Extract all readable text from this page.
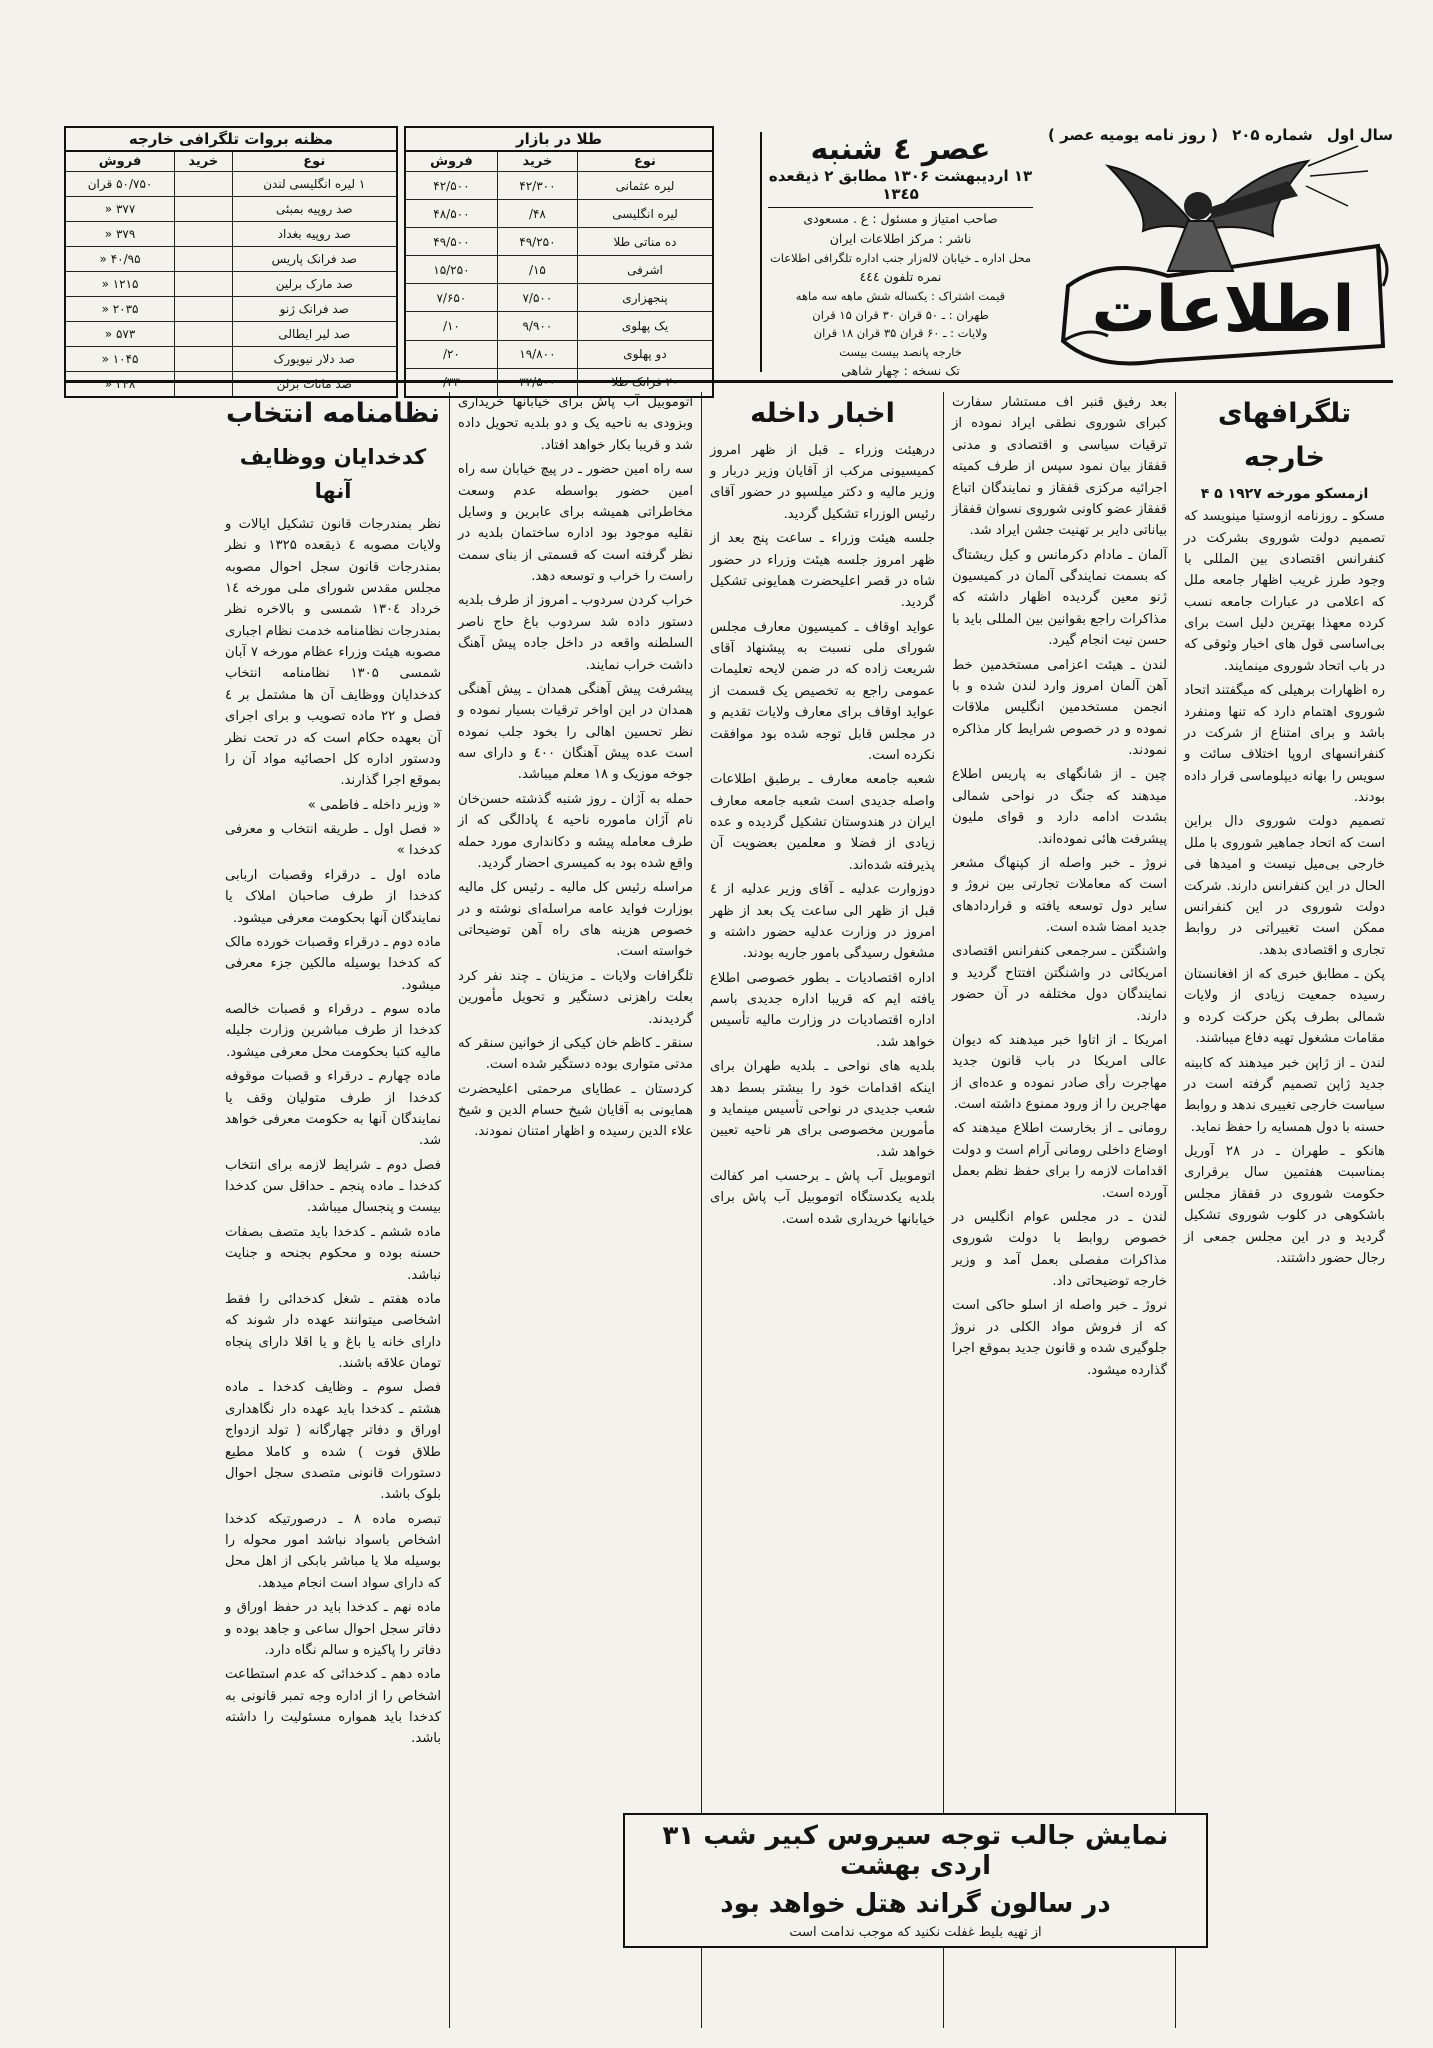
سال اول
شماره ۲۰۵
( روز نامه یومیه عصر )
اطلاعات
عصر ٤ شنبه
۱۳ اردیبهشت ۱۳۰۶ مطابق ۲ ذیقعده ۱۳٤۵

صاحب امتیاز و مسئول : ع . مسعودی

ناشر : مرکز اطلاعات ایران

محل اداره ـ خیابان لاله‌زار جنب اداره تلگرافی اطلاعات

نمره تلفون ٤٤٤

قیمت اشتراک : یکساله شش ماهه سه ماهه

طهران : ـ ۵۰ قران ۳۰ قران ۱۵ قران

ولایات : ـ ۶۰ قران ۳۵ قران ۱۸ قران

خارجه پانصد بیست بیست

تک نسخه : چهار شاهی

طلا در بازار
نوع	خرید	فروش
لیره عثمانی	۴۲/۳۰۰	۴۲/۵۰۰
لیره انگلیسی	۴۸/	۴۸/۵۰۰
ده مناتی طلا	۴۹/۲۵۰	۴۹/۵۰۰
اشرفی	۱۵/	۱۵/۲۵۰
پنجهزاری	۷/۵۰۰	۷/۶۵۰
یک پهلوی	۹/۹۰۰	۱۰/
دو پهلوی	۱۹/۸۰۰	۲۰/
۲۰ فرانک طلا	۳۲/۵۰۰	۳۳/
مظنه بروات تلگرافی خارجه
نوع	خرید	فروش
۱ لیره انگلیسی لندن		۵۰/۷۵۰ قران
صد روپیه بمبئی		۳۷۷ «
صد روپیه بغداد		۳۷۹ «
صد فرانک پاریس		۴۰/۹۵ «
صد مارک برلین		۱۲۱۵ «
صد فرانک ژنو		۲۰۳۵ «
صد لیر ایطالی		۵۷۳ «
صد دلار نیویورک		۱۰۴۵ «
صد مانات برلن		۲۴۸ «
تلگرافهای خارجه
ازمسکو مورخه ۱۹۲۷ ۵ ۴

مسکو ـ روزنامه ازوستیا مینویسد که تصمیم دولت شوروی بشرکت در کنفرانس اقتصادی بین المللی با وجود طرز غریب اظهار جامعه ملل که اعلامی در عبارات جامعه نسب کرده معهذا بهترین دلیل است برای بی‌اساسی قول های اخبار وثوقی که در باب اتحاد شوروی مینمایند.

ره اظهارات برهیلی که میگفتند اتحاد شوروی اهتمام دارد که تنها ومنفرد باشد و برای امتناع از شرکت در کنفرانسهای اروپا اختلاف سائت و سویس را بهانه دیپلوماسی قرار داده بودند.

تصمیم دولت شوروی دال براین است که اتحاد جماهیر شوروی با ملل خارجی بی‌میل نیست و امیدها فی الحال در این کنفرانس دارند. شرکت دولت شوروی در این کنفرانس ممکن است تغییراتی در روابط تجاری و اقتصادی بدهد.

پکن ـ مطابق خبری که از افغانستان رسیده جمعیت زیادی از ولایات شمالی بطرف پکن حرکت کرده و مقامات مشغول تهیه دفاع میباشند.

لندن ـ از ژاپن خبر میدهند که کابینه جدید ژاپن تصمیم گرفته است در سیاست خارجی تغییری ندهد و روابط حسنه با دول همسایه را حفظ نماید.

هانکو ـ طهران ـ در ۲۸ آوریل بمناسبت هفتمین سال برقراری حکومت شوروی در قفقاز مجلس باشکوهی در کلوب شوروی تشکیل گردید و در این مجلس جمعی از رجال حضور داشتند.

بعد رفیق قنبر اف مستشار سفارت کبرای شوروی نطقی ایراد نموده از ترقیات سیاسی و اقتصادی و مدنی قفقاز بیان نمود سپس از طرف کمیته اجرائیه مرکزی قفقاز و نمایندگان اتباع قفقاز عضو کاونی شوروی نسوان قفقاز بیاناتی دایر بر تهنیت جشن ایراد شد.

آلمان ـ مادام دکرمانس و کیل ریشتاگ که بسمت نمایندگی آلمان در کمیسیون ژنو معین گردیده اظهار داشته که مذاکرات راجع بقوانین بین المللی باید با حسن نیت انجام گیرد.

لندن ـ هیئت اعزامی مستخدمین خط آهن آلمان امروز وارد لندن شده و با انجمن مستخدمین انگلیس ملاقات نموده و در خصوص شرایط کار مذاکره نمودند.

چین ـ از شانگهای به پاریس اطلاع میدهند که جنگ در نواحی شمالی بشدت ادامه دارد و قوای ملیون پیشرفت هائی نموده‌اند.

نروژ ـ خبر واصله از کپنهاگ مشعر است که معاملات تجارتی بین نروژ و سایر دول توسعه یافته و قراردادهای جدید امضا شده است.

واشنگتن ـ سرجمعی کنفرانس اقتصادی امریکائی در واشنگتن افتتاح گردید و نمایندگان دول مختلفه در آن حضور دارند.

امریکا ـ از اتاوا خبر میدهند که دیوان عالی امریکا در باب قانون جدید مهاجرت رأی صادر نموده و عده‌ای از مهاجرین را از ورود ممنوع داشته است.

رومانی ـ از بخارست اطلاع میدهند که اوضاع داخلی رومانی آرام است و دولت اقدامات لازمه را برای حفظ نظم بعمل آورده است.

لندن ـ در مجلس عوام انگلیس در خصوص روابط با دولت شوروی مذاکرات مفصلی بعمل آمد و وزیر خارجه توضیحاتی داد.

نروژ ـ خبر واصله از اسلو حاکی است که از فروش مواد الکلی در نروژ جلوگیری شده و قانون جدید بموقع اجرا گذارده میشود.

اخبار داخله

درهیئت وزراء ـ قبل از ظهر امروز کمیسیونی مرکب از آقایان وزیر دربار و وزیر مالیه و دکتر میلسپو در حضور آقای رئیس الوزراء تشکیل گردید.

جلسه هیئت وزراء ـ ساعت پنج بعد از ظهر امروز جلسه هیئت وزراء در حضور شاه در قصر اعلیحضرت همایونی تشکیل گردید.

عواید اوقاف ـ کمیسیون معارف مجلس شورای ملی نسبت به پیشنهاد آقای شریعت زاده که در ضمن لایحه تعلیمات عمومی راجع به تخصیص یک قسمت از عواید اوقاف برای معارف ولایات تقدیم و در مجلس قابل توجه شده بود موافقت نکرده است.

شعبه جامعه معارف ـ برطبق اطلاعات واصله جدیدی است شعبه جامعه معارف ایران در هندوستان تشکیل گردیده و عده زیادی از فضلا و معلمین بعضویت آن پذیرفته شده‌اند.

دوزوارت عدلیه ـ آقای وزیر عدلیه از ٤ قبل از ظهر الی ساعت یک بعد از ظهر امروز در وزارت عدلیه حضور داشته و مشغول رسیدگی بامور جاریه بودند.

اداره اقتصادیات ـ بطور خصوصی اطلاع یافته ایم که قریبا اداره جدیدی باسم اداره اقتصادیات در وزارت مالیه تأسیس خواهد شد.

بلدیه های نواحی ـ بلدیه طهران برای اینکه اقدامات خود را بیشتر بسط دهد شعب جدیدی در نواحی تأسیس مینماید و مأمورین مخصوصی برای هر ناحیه تعیین خواهد شد.

اتوموبیل آب پاش ـ برحسب امر کفالت بلدیه یکدستگاه اتوموبیل آب پاش برای خیابانها خریداری شده است.

اتوموبیل آب پاش برای خیابانها خریداری وبزودی به ناحیه یک و دو بلدیه تحویل داده شد و قریبا بکار خواهد افتاد.

سه راه امین حضور ـ در پیچ خیابان سه راه امین حضور بواسطه عدم وسعت مخاطراتی همیشه برای عابرین و وسایل نقلیه موجود بود اداره ساختمان بلدیه در نظر گرفته است که قسمتی از بنای سمت راست را خراب و توسعه دهد.

خراب کردن سردوب ـ امروز از طرف بلدیه دستور داده شد سردوب باغ حاج ناصر السلطنه واقعه در داخل جاده پیش آهنگ داشت خراب نمایند.

پیشرفت پیش آهنگی همدان ـ پیش آهنگی همدان در این اواخر ترقیات بسیار نموده و نظر تحسین اهالی را بخود جلب نموده است عده پیش آهنگان ٤۰۰ و دارای سه جوخه موزیک و ۱۸ معلم میباشد.

حمله به آژان ـ روز شنبه گذشته حسن‌خان نام آژان ماموره ناحیه ٤ پادالگی که از طرف معامله پیشه و دکانداری مورد حمله واقع شده بود به کمیسری احضار گردید.

مراسله رئیس کل مالیه ـ رئیس کل مالیه بوزارت فواید عامه مراسله‌ای نوشته و در خصوص هزینه های راه آهن توضیحاتی خواسته است.

تلگرافات ولایات ـ مزینان ـ چند نفر کرد بعلت راهزنی دستگیر و تحویل مأمورین گردیدند.

سنقر ـ کاظم خان کیکی از خوانین سنقر که مدتی متواری بوده دستگیر شده است.

کردستان ـ عطایای مرحمتی اعلیحضرت همایونی به آقایان شیخ حسام الدین و شیخ علاء الدین رسیده و اظهار امتنان نمودند.

نظامنامه انتخاب
کدخدایان ووظایف آنها

نظر بمندرجات قانون تشکیل ایالات و ولایات مصوبه ٤ ذیقعده ۱۳۲۵ و نظر بمندرجات قانون سجل احوال مصوبه مجلس مقدس شورای ملی مورخه ۱٤ خرداد ۱۳۰٤ شمسی و بالاخره نظر بمندرجات نظامنامه خدمت نظام اجباری مصوبه هیئت وزراء عظام مورخه ۷ آبان شمسی ۱۳۰۵ نظامنامه انتخاب کدخدایان ووظایف آن ها مشتمل بر ٤ فصل و ۲۲ ماده تصویب و برای اجرای آن بعهده حکام است که در تحت نظر ودستور اداره کل احصائیه مواد آن را بموقع اجرا گذارند.

« وزیر داخله ـ فاطمی »

« فصل اول ـ طریقه انتخاب و معرفی کدخدا »

ماده اول ـ درقراء وقصبات اربابی کدخدا از طرف صاحبان املاک یا نمایندگان آنها بحکومت معرفی میشود.

ماده دوم ـ درقراء وقصبات خورده مالک که کدخدا بوسیله مالکین جزء معرفی میشود.

ماده سوم ـ درقراء و قصبات خالصه کدخدا از طرف مباشرین وزارت جلیله مالیه کتبا بحکومت محل معرفی میشود.

ماده چهارم ـ درقراء و قصبات موقوفه کدخدا از طرف متولیان وقف یا نمایندگان آنها به حکومت معرفی خواهد شد.

فصل دوم ـ شرایط لازمه برای انتخاب کدخدا ـ ماده پنجم ـ حداقل سن کدخدا بیست و پنجسال میباشد.

ماده ششم ـ کدخدا باید متصف بصفات حسنه بوده و محکوم بجنحه و جنایت نباشد.

ماده هفتم ـ شغل کدخدائی را فقط اشخاصی میتوانند عهده دار شوند که دارای خانه یا باغ و یا اقلا دارای پنجاه تومان علاقه باشند.

فصل سوم ـ وظایف کدخدا ـ ماده هشتم ـ کدخدا باید عهده دار نگاهداری اوراق و دفاتر چهارگانه ( تولد ازدواج طلاق فوت ) شده و کاملا مطیع دستورات قانونی متصدی سجل احوال بلوک باشد.

تبصره ماده ۸ ـ درصورتیکه کدخدا اشخاص باسواد نباشد امور محوله را بوسیله ملا یا مباشر بابکی از اهل محل که دارای سواد است انجام میدهد.

ماده نهم ـ کدخدا باید در حفظ اوراق و دفاتر سجل احوال ساعی و جاهد بوده و دفاتر را پاکیزه و سالم نگاه دارد.

ماده دهم ـ کدخدائی که عدم استطاعت اشخاص را از اداره وجه تمبر قانونی به کدخدا باید همواره مسئولیت را داشته باشد.

نمایش جالب توجه سیروس کبیر شب ۳۱ اردی بهشت
در سالون گراند هتل خواهد بود
از تهیه بلیط غفلت نکنید که موجب ندامت است
